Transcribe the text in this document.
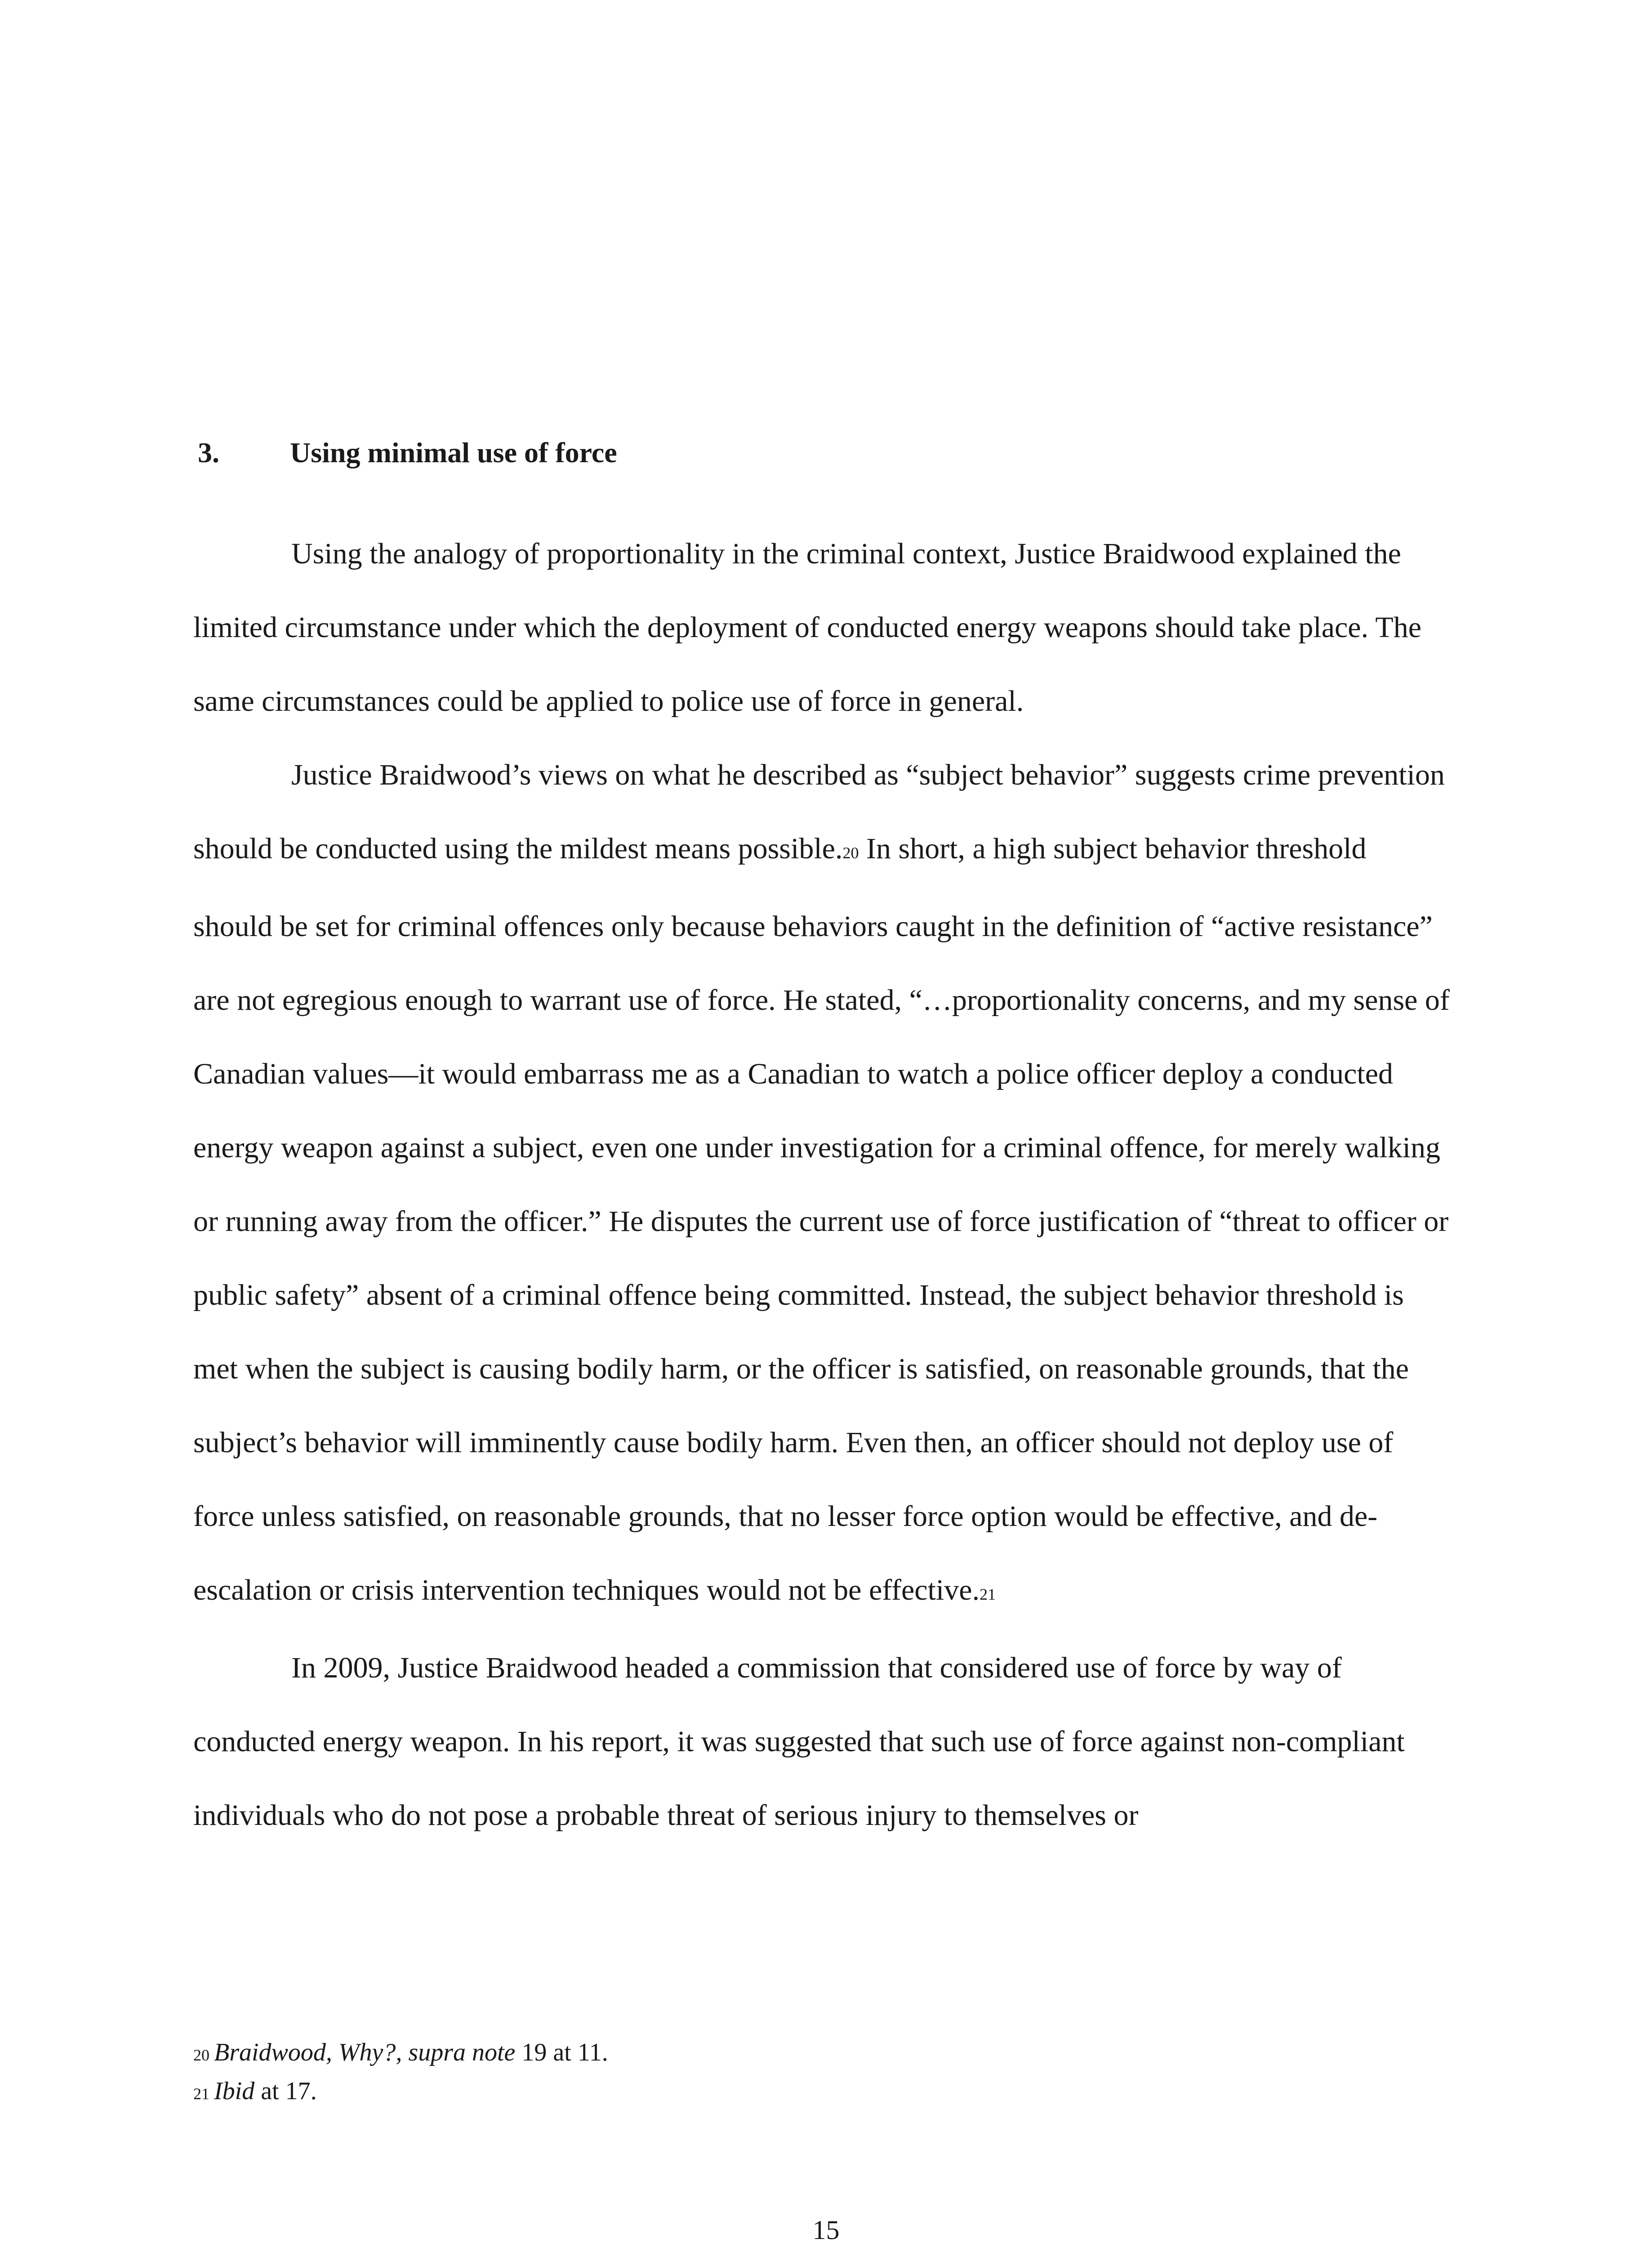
3. Using minimal use of force

Using the analogy of proportionality in the criminal context, Justice Braidwood explained the limited circumstance under which the deployment of conducted energy weapons should take place. The same circumstances could be applied to police use of force in general.

Justice Braidwood’s views on what he described as “subject behavior” suggests crime prevention should be conducted using the mildest means possible.20 In short, a high subject behavior threshold should be set for criminal offences only because behaviors caught in the definition of “active resistance” are not egregious enough to warrant use of force. He stated, “…proportionality concerns, and my sense of Canadian values—it would embarrass me as a Canadian to watch a police officer deploy a conducted energy weapon against a subject, even one under investigation for a criminal offence, for merely walking or running away from the officer.” He disputes the current use of force justification of “threat to officer or public safety” absent of a criminal offence being committed. Instead, the subject behavior threshold is met when the subject is causing bodily harm, or the officer is satisfied, on reasonable grounds, that the subject’s behavior will imminently cause bodily harm. Even then, an officer should not deploy use of force unless satisfied, on reasonable grounds, that no lesser force option would be effective, and de-escalation or crisis intervention techniques would not be effective.21

In 2009, Justice Braidwood headed a commission that considered use of force by way of conducted energy weapon. In his report, it was suggested that such use of force against non-compliant individuals who do not pose a probable threat of serious injury to themselves or

20 Braidwood, Why?, supra note 19 at 11.
21 Ibid at 17.
15
